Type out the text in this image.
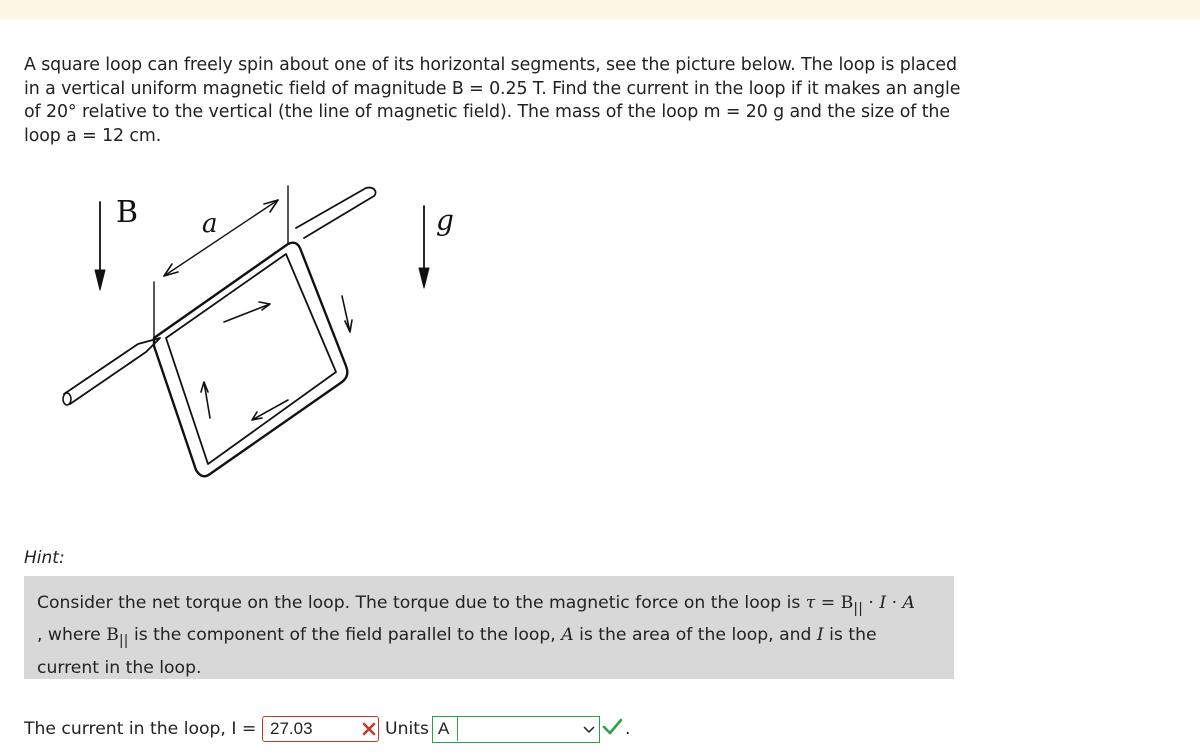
A square loop can freely spin about one of its horizontal segments, see the picture below. The loop is placed in a vertical uniform magnetic field of magnitude B = 0.25 T. Find the current in the loop if it makes an angle of 20° relative to the vertical (the line of magnetic field). The mass of the loop m = 20 g and the size of the loop a = 12 cm.

B a	g
Hint:

Consider the net torque on the loop. The torque due to the magnetic force on the loop is $\tau = B_{||} \cdot I \cdot A$
, where $B_{||}$ is the component of the field parallel to the loop, A is the area of the loop, and I is the current in the loop.

The current in the loop, I =
27.03	Units A	.
